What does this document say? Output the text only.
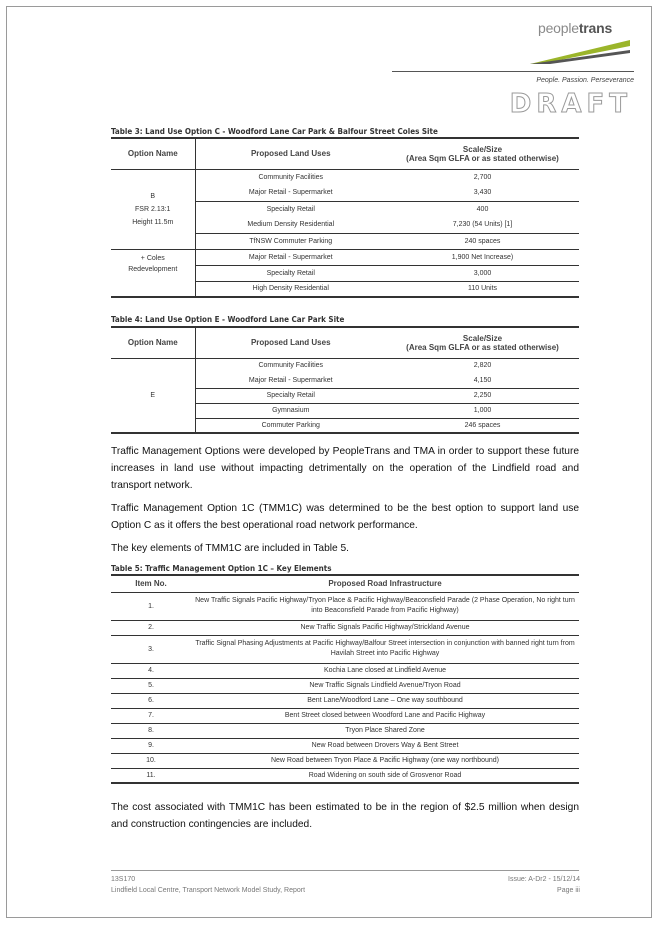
peopletrans
People. Passion. Perseverance
DRAFT
Table 3: Land Use Option C - Woodford Lane Car Park & Balfour Street Coles Site
Option Name	Proposed Land Uses	Scale/Size
(Area Sqm GLFA or as stated otherwise)
B
FSR 2.13:1
Height 11.5m	Community Facilities	2,700
	Major Retail - Supermarket	3,430
	Specialty Retail	400
	Medium Density Residential	7,230 (54 Units) [1]
	TfNSW Commuter Parking	240 spaces
+ Coles
Redevelopment	Major Retail - Supermarket	1,900 Net Increase)
	Specialty Retail	3,000
	High Density Residential	110 Units
Table 4: Land Use Option E - Woodford Lane Car Park Site
Option Name	Proposed Land Uses	Scale/Size
(Area Sqm GLFA or as stated otherwise)
E	Community Facilities	2,820
	Major Retail - Supermarket	4,150
	Specialty Retail	2,250
	Gymnasium	1,000
	Commuter Parking	246 spaces
Traffic Management Options were developed by PeopleTrans and TMA in order to support these future increases in land use without impacting detrimentally on the operation of the Lindfield road and transport network.
Traffic Management Option 1C (TMM1C) was determined to be the best option to support land use Option C as it offers the best operational road network performance.
The key elements of TMM1C are included in Table 5.
Table 5: Traffic Management Option 1C – Key Elements
Item No.	Proposed Road Infrastructure
1.	New Traffic Signals Pacific Highway/Tryon Place & Pacific Highway/Beaconsfield Parade (2 Phase Operation, No right turn into Beaconsfield Parade from Pacific Highway)
2.	New Traffic Signals Pacific Highway/Strickland Avenue
3.	Traffic Signal Phasing Adjustments at Pacific Highway/Balfour Street intersection in conjunction with banned right turn from Havilah Street into Pacific Highway
4.	Kochia Lane closed at Lindfield Avenue
5.	New Traffic Signals Lindfield Avenue/Tryon Road
6.	Bent Lane/Woodford Lane – One way southbound
7.	Bent Street closed between Woodford Lane and Pacific Highway
8.	Tryon Place Shared Zone
9.	New Road between Drovers Way & Bent Street
10.	New Road between Tryon Place & Pacific Highway (one way northbound)
11.	Road Widening on south side of Grosvenor Road
The cost associated with TMM1C has been estimated to be in the region of $2.5 million when design and construction contingencies are included.
13S170	Issue: A-Dr2 - 15/12/14
Lindfield Local Centre, Transport Network Model Study, Report	Page iii
